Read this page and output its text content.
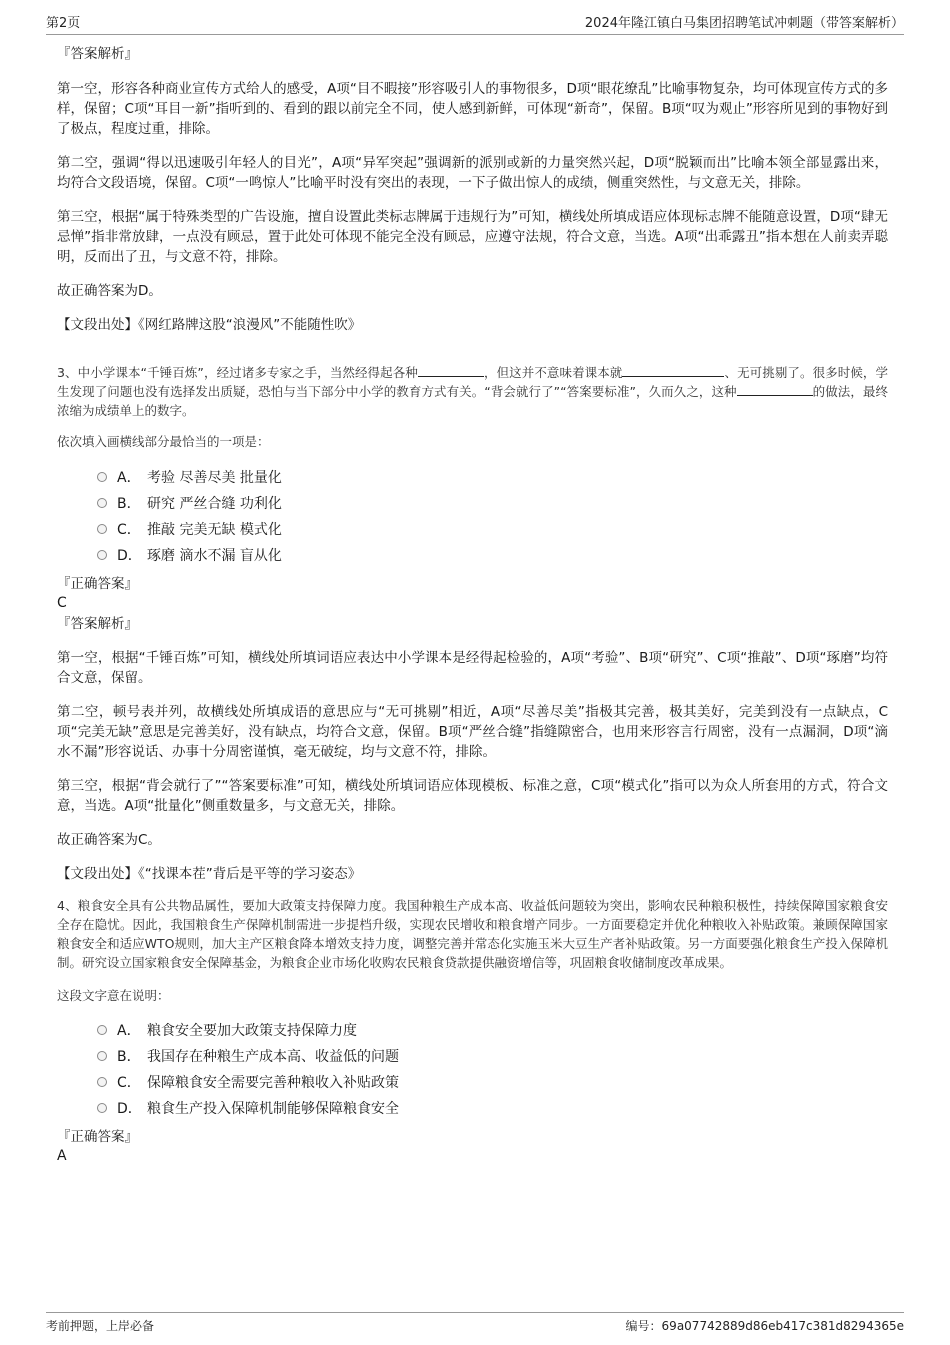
第2页	2024年隆江镇白马集团招聘笔试冲刺题（带答案解析）

『答案解析』

第一空，形容各种商业宣传方式给人的感受，A项“目不暇接”形容吸引人的事物很多，D项“眼花缭乱”比喻事物复杂，均可体现宣传方式的多样，保留；C项“耳目一新”指听到的、看到的跟以前完全不同，使人感到新鲜，可体现“新奇”，保留。B项“叹为观止”形容所见到的事物好到了极点，程度过重，排除。

第二空，强调“得以迅速吸引年轻人的目光”，A项“异军突起”强调新的派别或新的力量突然兴起，D项“脱颖而出”比喻本领全部显露出来，均符合文段语境，保留。C项“一鸣惊人”比喻平时没有突出的表现，一下子做出惊人的成绩，侧重突然性，与文意无关，排除。

第三空，根据“属于特殊类型的广告设施，擅自设置此类标志牌属于违规行为”可知，横线处所填成语应体现标志牌不能随意设置，D项“肆无忌惮”指非常放肆，一点没有顾忌，置于此处可体现不能完全没有顾忌，应遵守法规，符合文意，当选。A项“出乖露丑”指本想在人前卖弄聪明，反而出了丑，与文意不符，排除。

故正确答案为D。

【文段出处】《网红路牌这股“浪漫风”不能随性吹》

3、中小学课本“千锤百炼”，经过诸多专家之手，当然经得起各种	，但这并不意味着课本就	、无可挑剔了。很多时候，学生发现了问题也没有选择发出质疑，恐怕与当下部分中小学的教育方式有关。“背会就行了”“答案要标准”，久而久之，这种	的做法，最终浓缩为成绩单上的数字。

依次填入画横线部分最恰当的一项是：

A． 考验 尽善尽美 批量化
B． 研究 严丝合缝 功利化
C． 推敲 完美无缺 模式化
D． 琢磨 滴水不漏 盲从化

『正确答案』

C

『答案解析』

第一空，根据“千锤百炼”可知，横线处所填词语应表达中小学课本是经得起检验的，A项“考验”、B项“研究”、C项“推敲”、D项“琢磨”均符合文意，保留。

第二空，顿号表并列，故横线处所填成语的意思应与“无可挑剔”相近，A项“尽善尽美”指极其完善，极其美好，完美到没有一点缺点，C项“完美无缺”意思是完善美好，没有缺点，均符合文意，保留。B项“严丝合缝”指缝隙密合，也用来形容言行周密，没有一点漏洞，D项“滴水不漏”形容说话、办事十分周密谨慎，毫无破绽，均与文意不符，排除。

第三空，根据“背会就行了”“答案要标准”可知，横线处所填词语应体现模板、标准之意，C项“模式化”指可以为众人所套用的方式，符合文意，当选。A项“批量化”侧重数量多，与文意无关，排除。

故正确答案为C。

【文段出处】《“找课本茬”背后是平等的学习姿态》

4、粮食安全具有公共物品属性，要加大政策支持保障力度。我国种粮生产成本高、收益低问题较为突出，影响农民种粮积极性，持续保障国家粮食安全存在隐忧。因此，我国粮食生产保障机制需进一步提档升级，实现农民增收和粮食增产同步。一方面要稳定并优化种粮收入补贴政策。兼顾保障国家粮食安全和适应WTO规则，加大主产区粮食降本增效支持力度，调整完善并常态化实施玉米大豆生产者补贴政策。另一方面要强化粮食生产投入保障机制。研究设立国家粮食安全保障基金，为粮食企业市场化收购农民粮食贷款提供融资增信等，巩固粮食收储制度改革成果。

这段文字意在说明：

A． 粮食安全要加大政策支持保障力度
B． 我国存在种粮生产成本高、收益低的问题
C． 保障粮食安全需要完善种粮收入补贴政策
D． 粮食生产投入保障机制能够保障粮食安全

『正确答案』

A

考前押题，上岸必备	编号：69a07742889d86eb417c381d8294365e
